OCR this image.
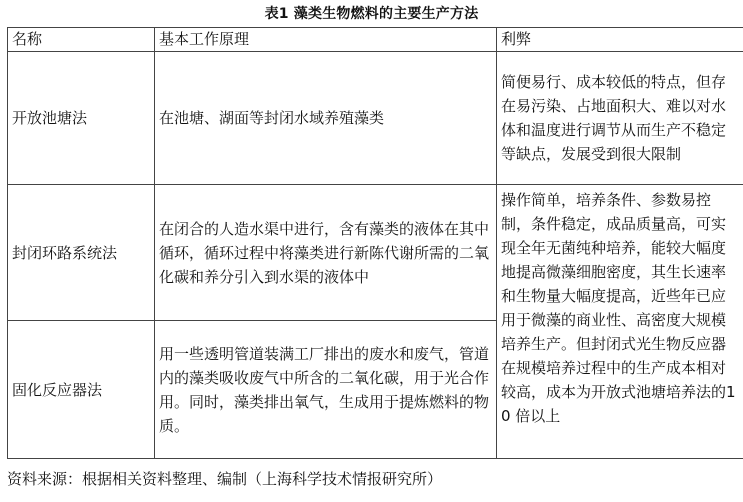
表1 藻类生物燃料的主要生产方法
名称	基本工作原理	利弊
开放池塘法	在池塘、湖面等封闭水域养殖藻类	简便易行、成本较低的特点，但存在易污染、占地面积大、难以对水体和温度进行调节从而生产不稳定等缺点，发展受到很大限制
封闭环路系统法	在闭合的人造水渠中进行，含有藻类的液体在其中循环，循环过程中将藻类进行新陈代谢所需的二氧化碳和养分引入到水渠的液体中	操作简单，培养条件、参数易控制，条件稳定，成品质量高，可实现全年无菌纯种培养，能较大幅度地提高微藻细胞密度，其生长速率和生物量大幅度提高，近些年已应用于微藻的商业性、高密度大规模培养生产。但封闭式光生物反应器在规模培养过程中的生产成本相对较高，成本为开放式池塘培养法的10 倍以上
固化反应器法	用一些透明管道装满工厂排出的废水和废气，管道内的藻类吸收废气中所含的二氧化碳，用于光合作用。同时，藻类排出氧气，生成用于提炼燃料的物质。	
资料来源：根据相关资料整理、编制（上海科学技术情报研究所）
